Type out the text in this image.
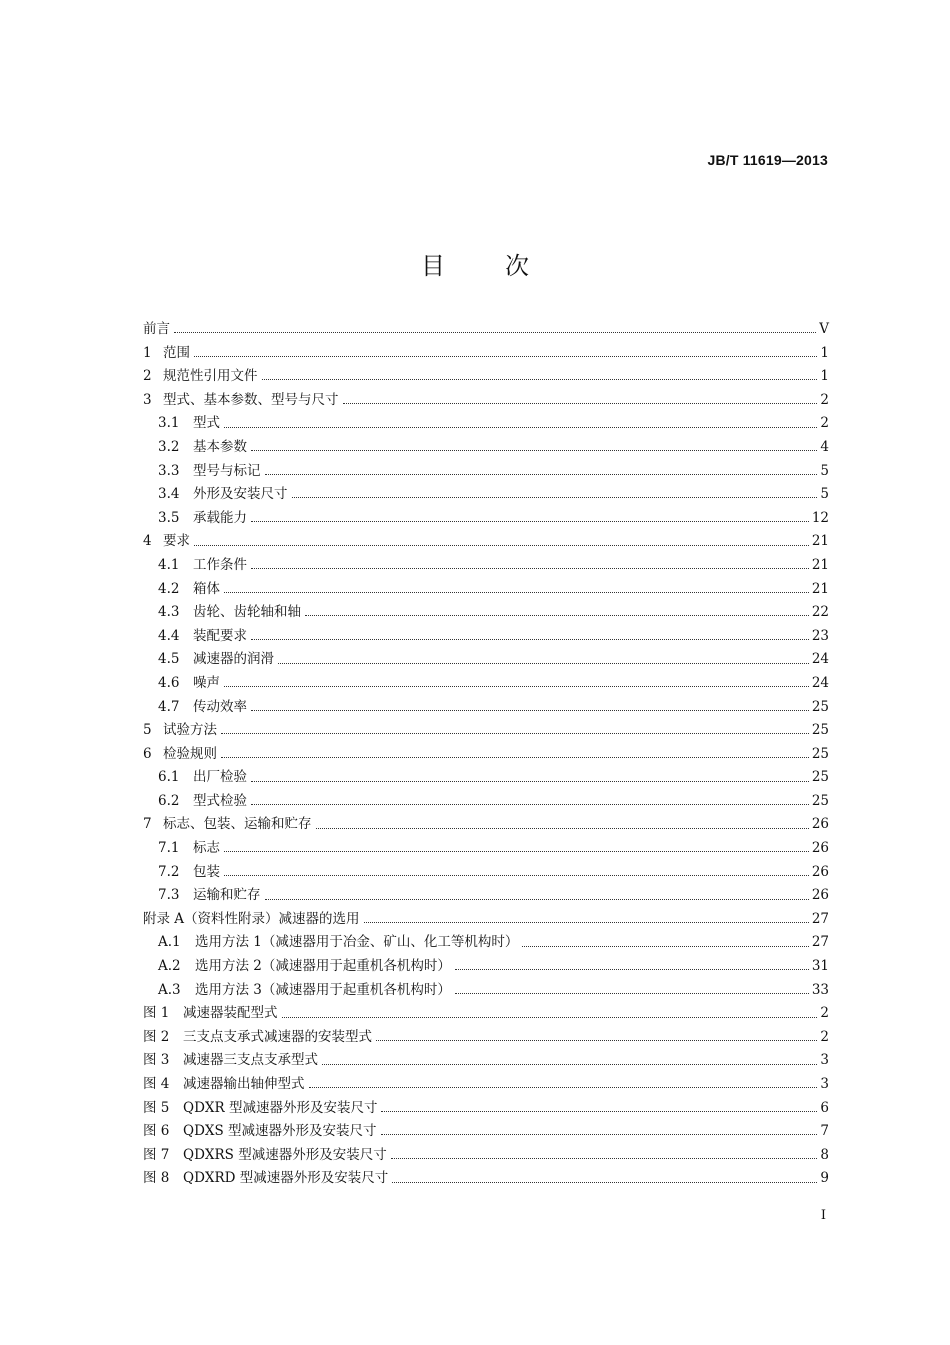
JB/T 11619—2013
目次
前言	V
1 范围	1
2 规范性引用文件	1
3 型式、基本参数、型号与尺寸	2
3.1	型式	2
3.2	基本参数	4
3.3	型号与标记	5
3.4	外形及安装尺寸	5
3.5	承载能力	12
4 要求	21
4.1	工作条件	21
4.2	箱体	21
4.3	齿轮、齿轮轴和轴	22
4.4	装配要求	23
4.5	减速器的润滑	24
4.6	噪声	24
4.7	传动效率	25
5 试验方法	25
6 检验规则	25
6.1	出厂检验	25
6.2	型式检验	25
7 标志、包装、运输和贮存	26
7.1	标志	26
7.2	包装	26
7.3	运输和贮存	26
附录 A（资料性附录）减速器的选用	27
A.1	选用方法 1（减速器用于冶金、矿山、化工等机构时）	27
A.2	选用方法 2（减速器用于起重机各机构时）	31
A.3	选用方法 3（减速器用于起重机各机构时）	33
图 1	减速器装配型式	2
图 2	三支点支承式减速器的安装型式	2
图 3	减速器三支点支承型式	3
图 4	减速器输出轴伸型式	3
图 5	QDXR 型减速器外形及安装尺寸	6
图 6	QDXS 型减速器外形及安装尺寸	7
图 7	QDXRS 型减速器外形及安装尺寸	8
图 8	QDXRD 型减速器外形及安装尺寸	9
I
